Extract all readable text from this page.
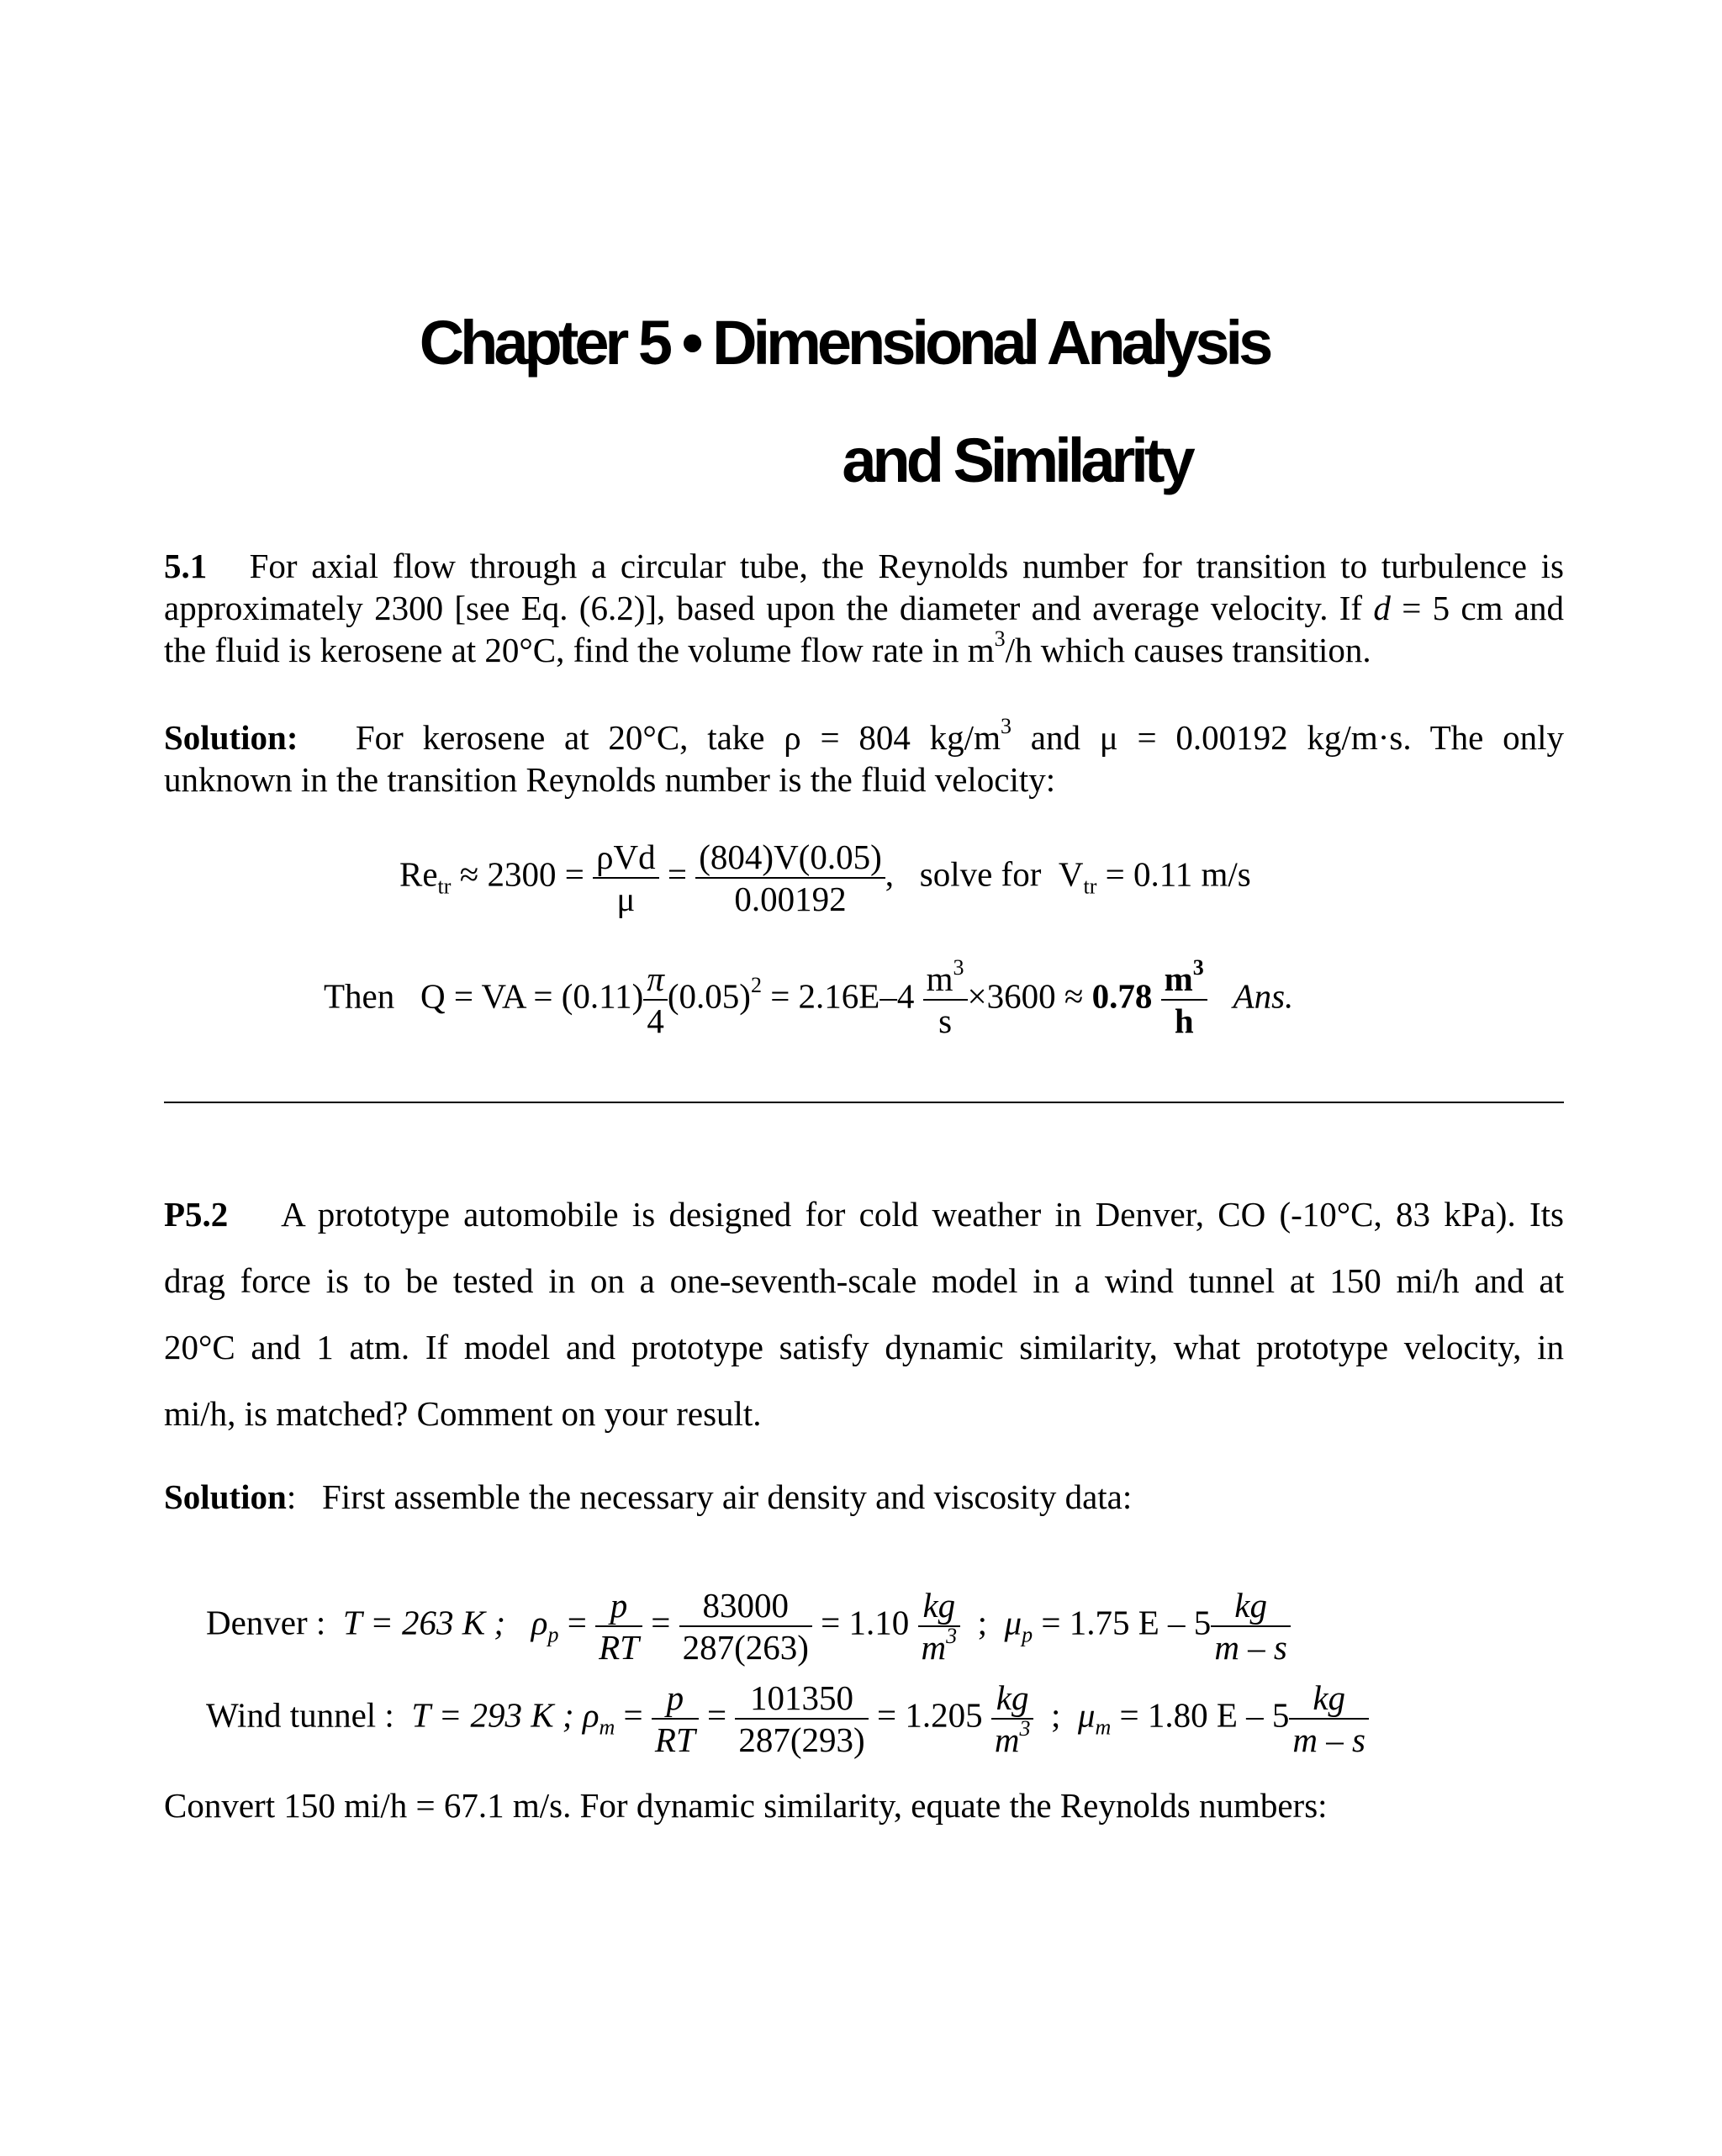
Chapter 5 • Dimensional Analysis
and Similarity
5.1 For axial flow through a circular tube, the Reynolds number for transition to turbulence is
approximately 2300 [see Eq. (6.2)], based upon the diameter and average velocity. If d = 5 cm and
the fluid is kerosene at 20°C, find the volume flow rate in $m^3/h$ which causes transition.
Solution: For kerosene at 20°C, take ρ = 804 $kg/m^3$ and μ = 0.00192 kg/m·s. The only
unknown in the transition Reynolds number is the fluid velocity:
$Re_{tr} \approx 2300 = \frac{\text{ρVd}}{\mu} = \frac{(804)V(0.05)}{0.00192}$ , solve for $V_{tr} = 0.11$ m/s
Then Q = VA = $(0.11) \frac{\pi}{4} (0.05)^2 = 2.16E-4 \frac{m^3}{s} \times 3600 \approx 0.78 \frac{m^3}{h}$ Ans.
P5.2 A prototype automobile is designed for cold weather in Denver, CO (-10°C, 83 kPa). Its
drag force is to be tested in on a one-seventh-scale model in a wind tunnel at 150 mi/h and at
20°C and 1 atm. If model and prototype satisfy dynamic similarity, what prototype velocity, in
mi/h, is matched? Comment on your result.
Solution: First assemble the necessary air density and viscosity data:
Denver : T = 263 K ; $\rho_p = \frac{p}{RT} = \frac{83000}{287(263)} = 1.10 \frac{kg}{m^3}$ ; $\mu_p = 1.75$ E – $5 \frac{kg}{m - s}$
Wind tunnel : T = 293 K ; $\rho_m = \frac{p}{RT} = \frac{101350}{287(293)} = 1.205 \frac{kg}{m^3}$ ; $\mu_m = 1.80$ E – $5 \frac{kg}{m - s}$
Convert 150 mi/h = 67.1 m/s. For dynamic similarity, equate the Reynolds numbers:
